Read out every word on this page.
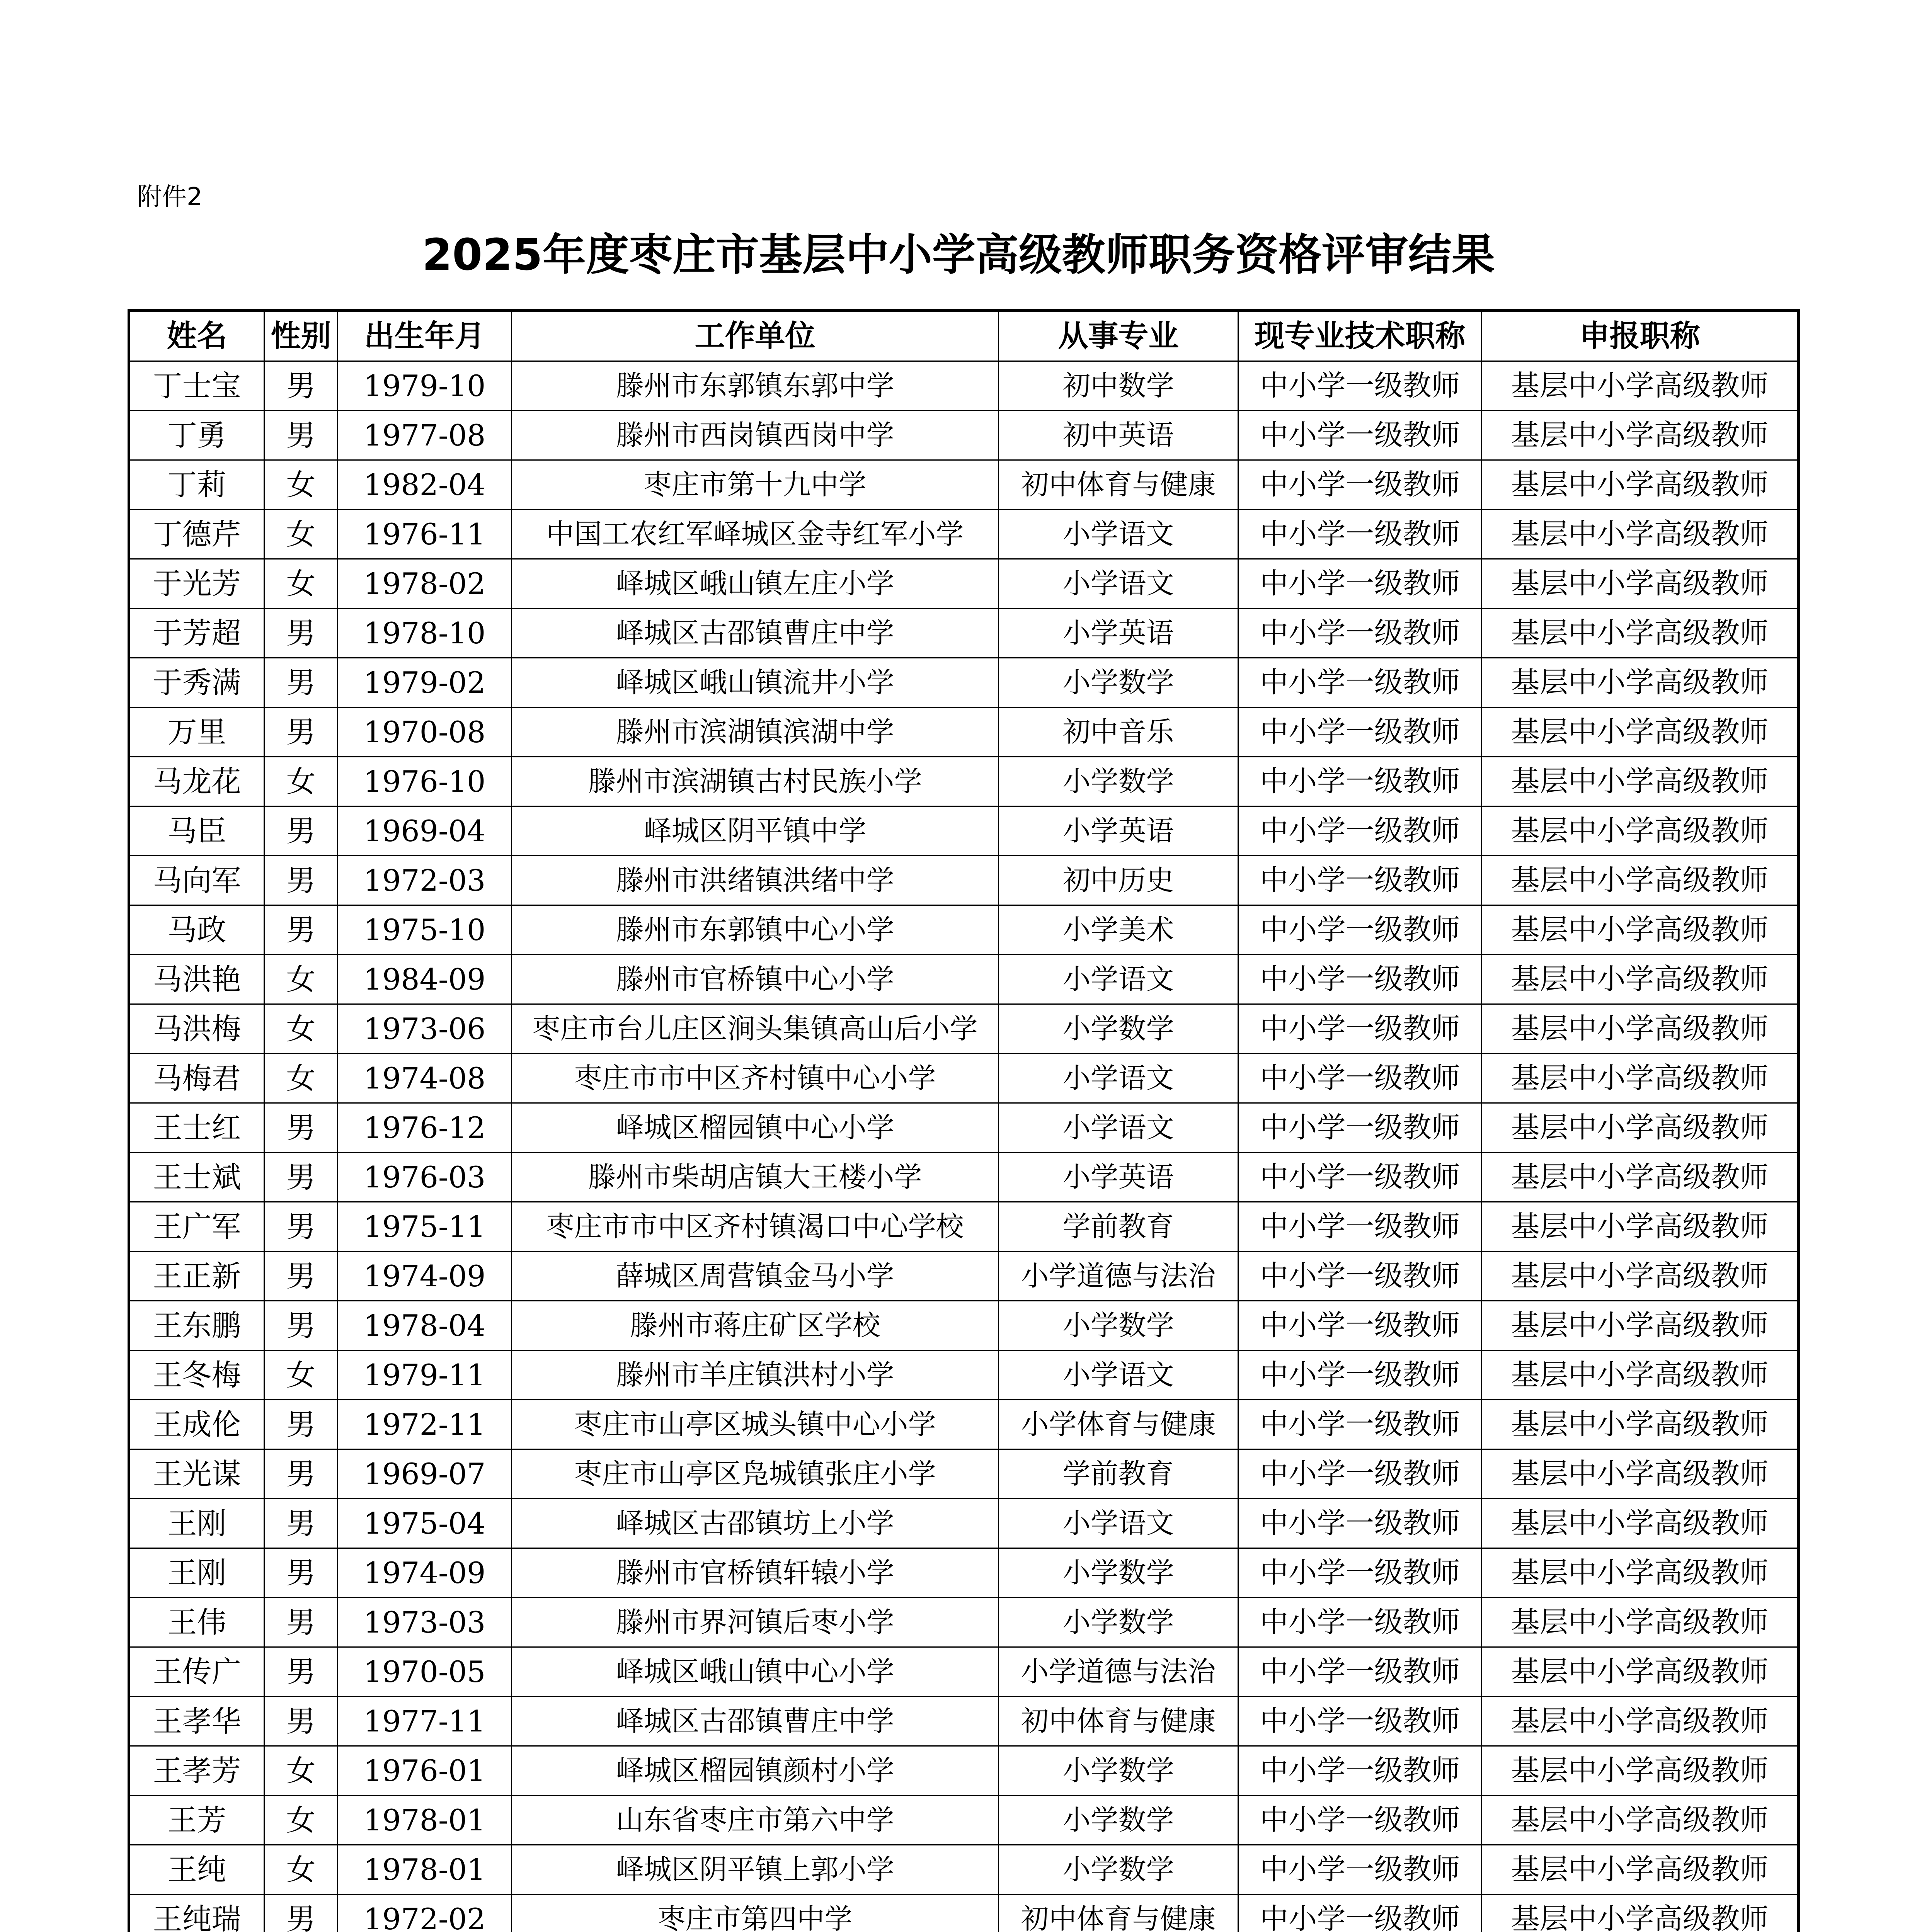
附件2
2025年度枣庄市基层中小学高级教师职务资格评审结果
姓名	性别	出生年月	工作单位	从事专业	现专业技术职称	申报职称
丁士宝	男	1979-10	滕州市东郭镇东郭中学	初中数学	中小学一级教师	基层中小学高级教师
丁勇	男	1977-08	滕州市西岗镇西岗中学	初中英语	中小学一级教师	基层中小学高级教师
丁莉	女	1982-04	枣庄市第十九中学	初中体育与健康	中小学一级教师	基层中小学高级教师
丁德芹	女	1976-11	中国工农红军峄城区金寺红军小学	小学语文	中小学一级教师	基层中小学高级教师
于光芳	女	1978-02	峄城区峨山镇左庄小学	小学语文	中小学一级教师	基层中小学高级教师
于芳超	男	1978-10	峄城区古邵镇曹庄中学	小学英语	中小学一级教师	基层中小学高级教师
于秀满	男	1979-02	峄城区峨山镇流井小学	小学数学	中小学一级教师	基层中小学高级教师
万里	男	1970-08	滕州市滨湖镇滨湖中学	初中音乐	中小学一级教师	基层中小学高级教师
马龙花	女	1976-10	滕州市滨湖镇古村民族小学	小学数学	中小学一级教师	基层中小学高级教师
马臣	男	1969-04	峄城区阴平镇中学	小学英语	中小学一级教师	基层中小学高级教师
马向军	男	1972-03	滕州市洪绪镇洪绪中学	初中历史	中小学一级教师	基层中小学高级教师
马政	男	1975-10	滕州市东郭镇中心小学	小学美术	中小学一级教师	基层中小学高级教师
马洪艳	女	1984-09	滕州市官桥镇中心小学	小学语文	中小学一级教师	基层中小学高级教师
马洪梅	女	1973-06	枣庄市台儿庄区涧头集镇高山后小学	小学数学	中小学一级教师	基层中小学高级教师
马梅君	女	1974-08	枣庄市市中区齐村镇中心小学	小学语文	中小学一级教师	基层中小学高级教师
王士红	男	1976-12	峄城区榴园镇中心小学	小学语文	中小学一级教师	基层中小学高级教师
王士斌	男	1976-03	滕州市柴胡店镇大王楼小学	小学英语	中小学一级教师	基层中小学高级教师
王广军	男	1975-11	枣庄市市中区齐村镇渴口中心学校	学前教育	中小学一级教师	基层中小学高级教师
王正新	男	1974-09	薛城区周营镇金马小学	小学道德与法治	中小学一级教师	基层中小学高级教师
王东鹏	男	1978-04	滕州市蒋庄矿区学校	小学数学	中小学一级教师	基层中小学高级教师
王冬梅	女	1979-11	滕州市羊庄镇洪村小学	小学语文	中小学一级教师	基层中小学高级教师
王成伦	男	1972-11	枣庄市山亭区城头镇中心小学	小学体育与健康	中小学一级教师	基层中小学高级教师
王光谋	男	1969-07	枣庄市山亭区凫城镇张庄小学	学前教育	中小学一级教师	基层中小学高级教师
王刚	男	1975-04	峄城区古邵镇坊上小学	小学语文	中小学一级教师	基层中小学高级教师
王刚	男	1974-09	滕州市官桥镇轩辕小学	小学数学	中小学一级教师	基层中小学高级教师
王伟	男	1973-03	滕州市界河镇后枣小学	小学数学	中小学一级教师	基层中小学高级教师
王传广	男	1970-05	峄城区峨山镇中心小学	小学道德与法治	中小学一级教师	基层中小学高级教师
王孝华	男	1977-11	峄城区古邵镇曹庄中学	初中体育与健康	中小学一级教师	基层中小学高级教师
王孝芳	女	1976-01	峄城区榴园镇颜村小学	小学数学	中小学一级教师	基层中小学高级教师
王芳	女	1978-01	山东省枣庄市第六中学	小学数学	中小学一级教师	基层中小学高级教师
王纯	女	1978-01	峄城区阴平镇上郭小学	小学数学	中小学一级教师	基层中小学高级教师
王纯瑞	男	1972-02	枣庄市第四中学	初中体育与健康	中小学一级教师	基层中小学高级教师
